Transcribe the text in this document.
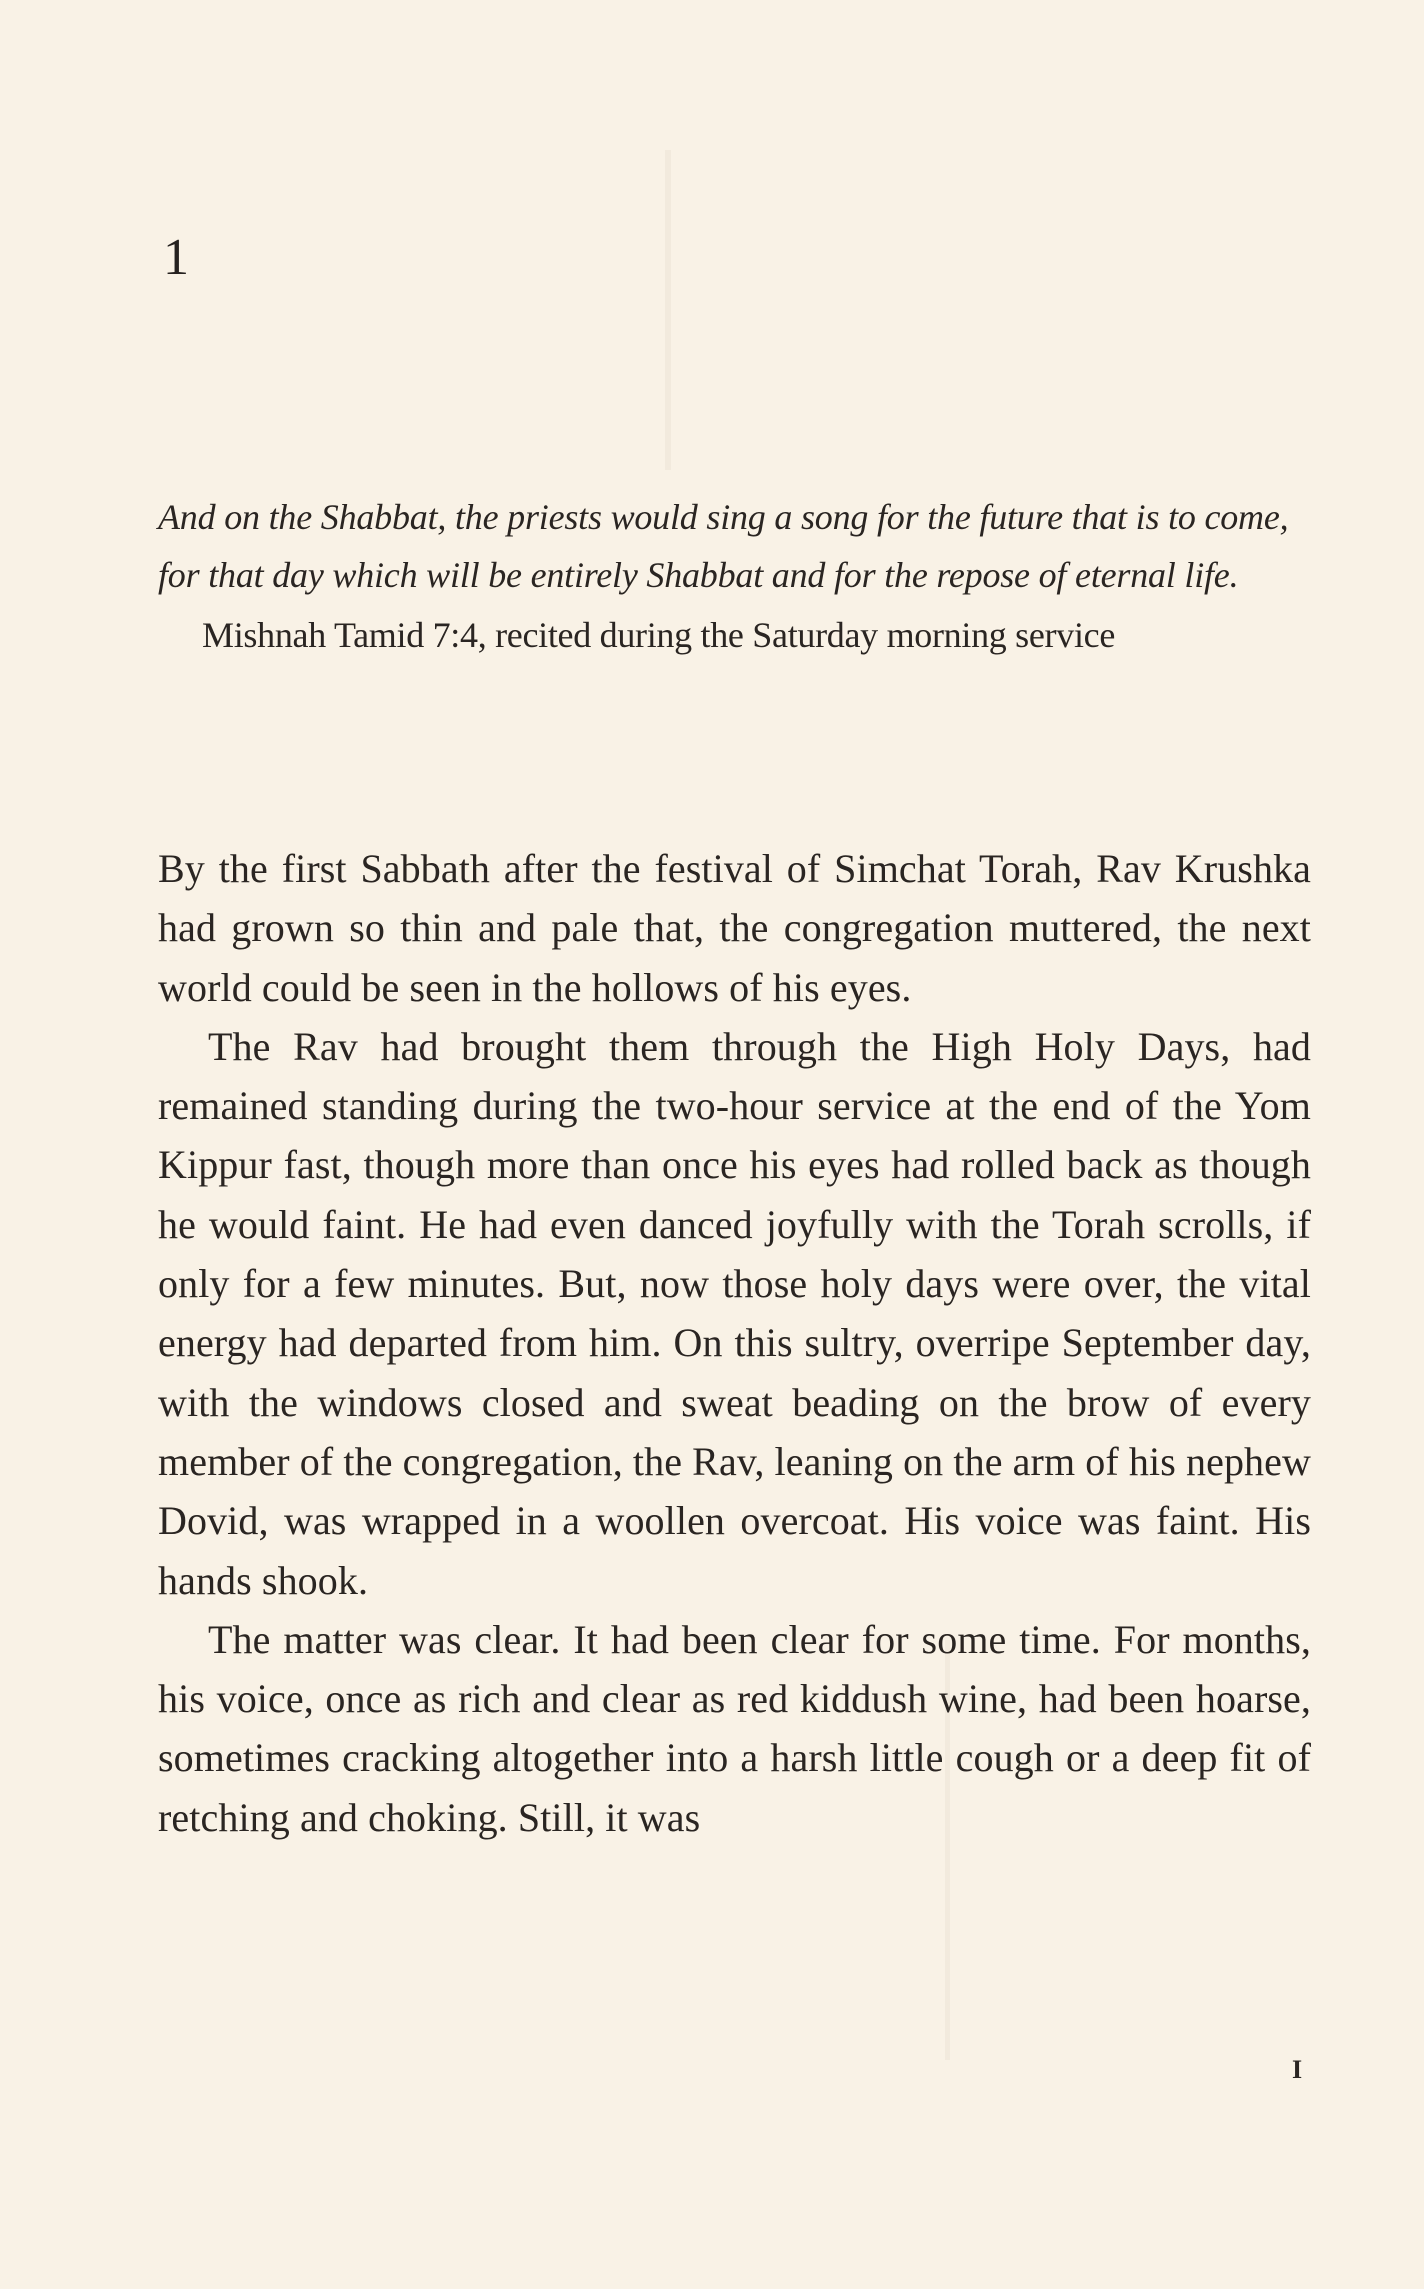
1

And on the Shabbat, the priests would sing a song for the future that is to come, for that day which will be entirely Shabbat and for the repose of eternal life.

Mishnah Tamid 7:4, recited during the Saturday morning service

By the first Sabbath after the festival of Simchat Torah, Rav Krushka had grown so thin and pale that, the congregation muttered, the next world could be seen in the hollows of his eyes.

The Rav had brought them through the High Holy Days, had remained standing during the two-hour service at the end of the Yom Kippur fast, though more than once his eyes had rolled back as though he would faint. He had even danced joyfully with the Torah scrolls, if only for a few minutes. But, now those holy days were over, the vital energy had departed from him. On this sultry, overripe September day, with the windows closed and sweat beading on the brow of every member of the congregation, the Rav, leaning on the arm of his nephew Dovid, was wrapped in a woollen overcoat. His voice was faint. His hands shook.

The matter was clear. It had been clear for some time. For months, his voice, once as rich and clear as red kiddush wine, had been hoarse, sometimes cracking altogether into a harsh little cough or a deep fit of retching and choking. Still, it was

I
